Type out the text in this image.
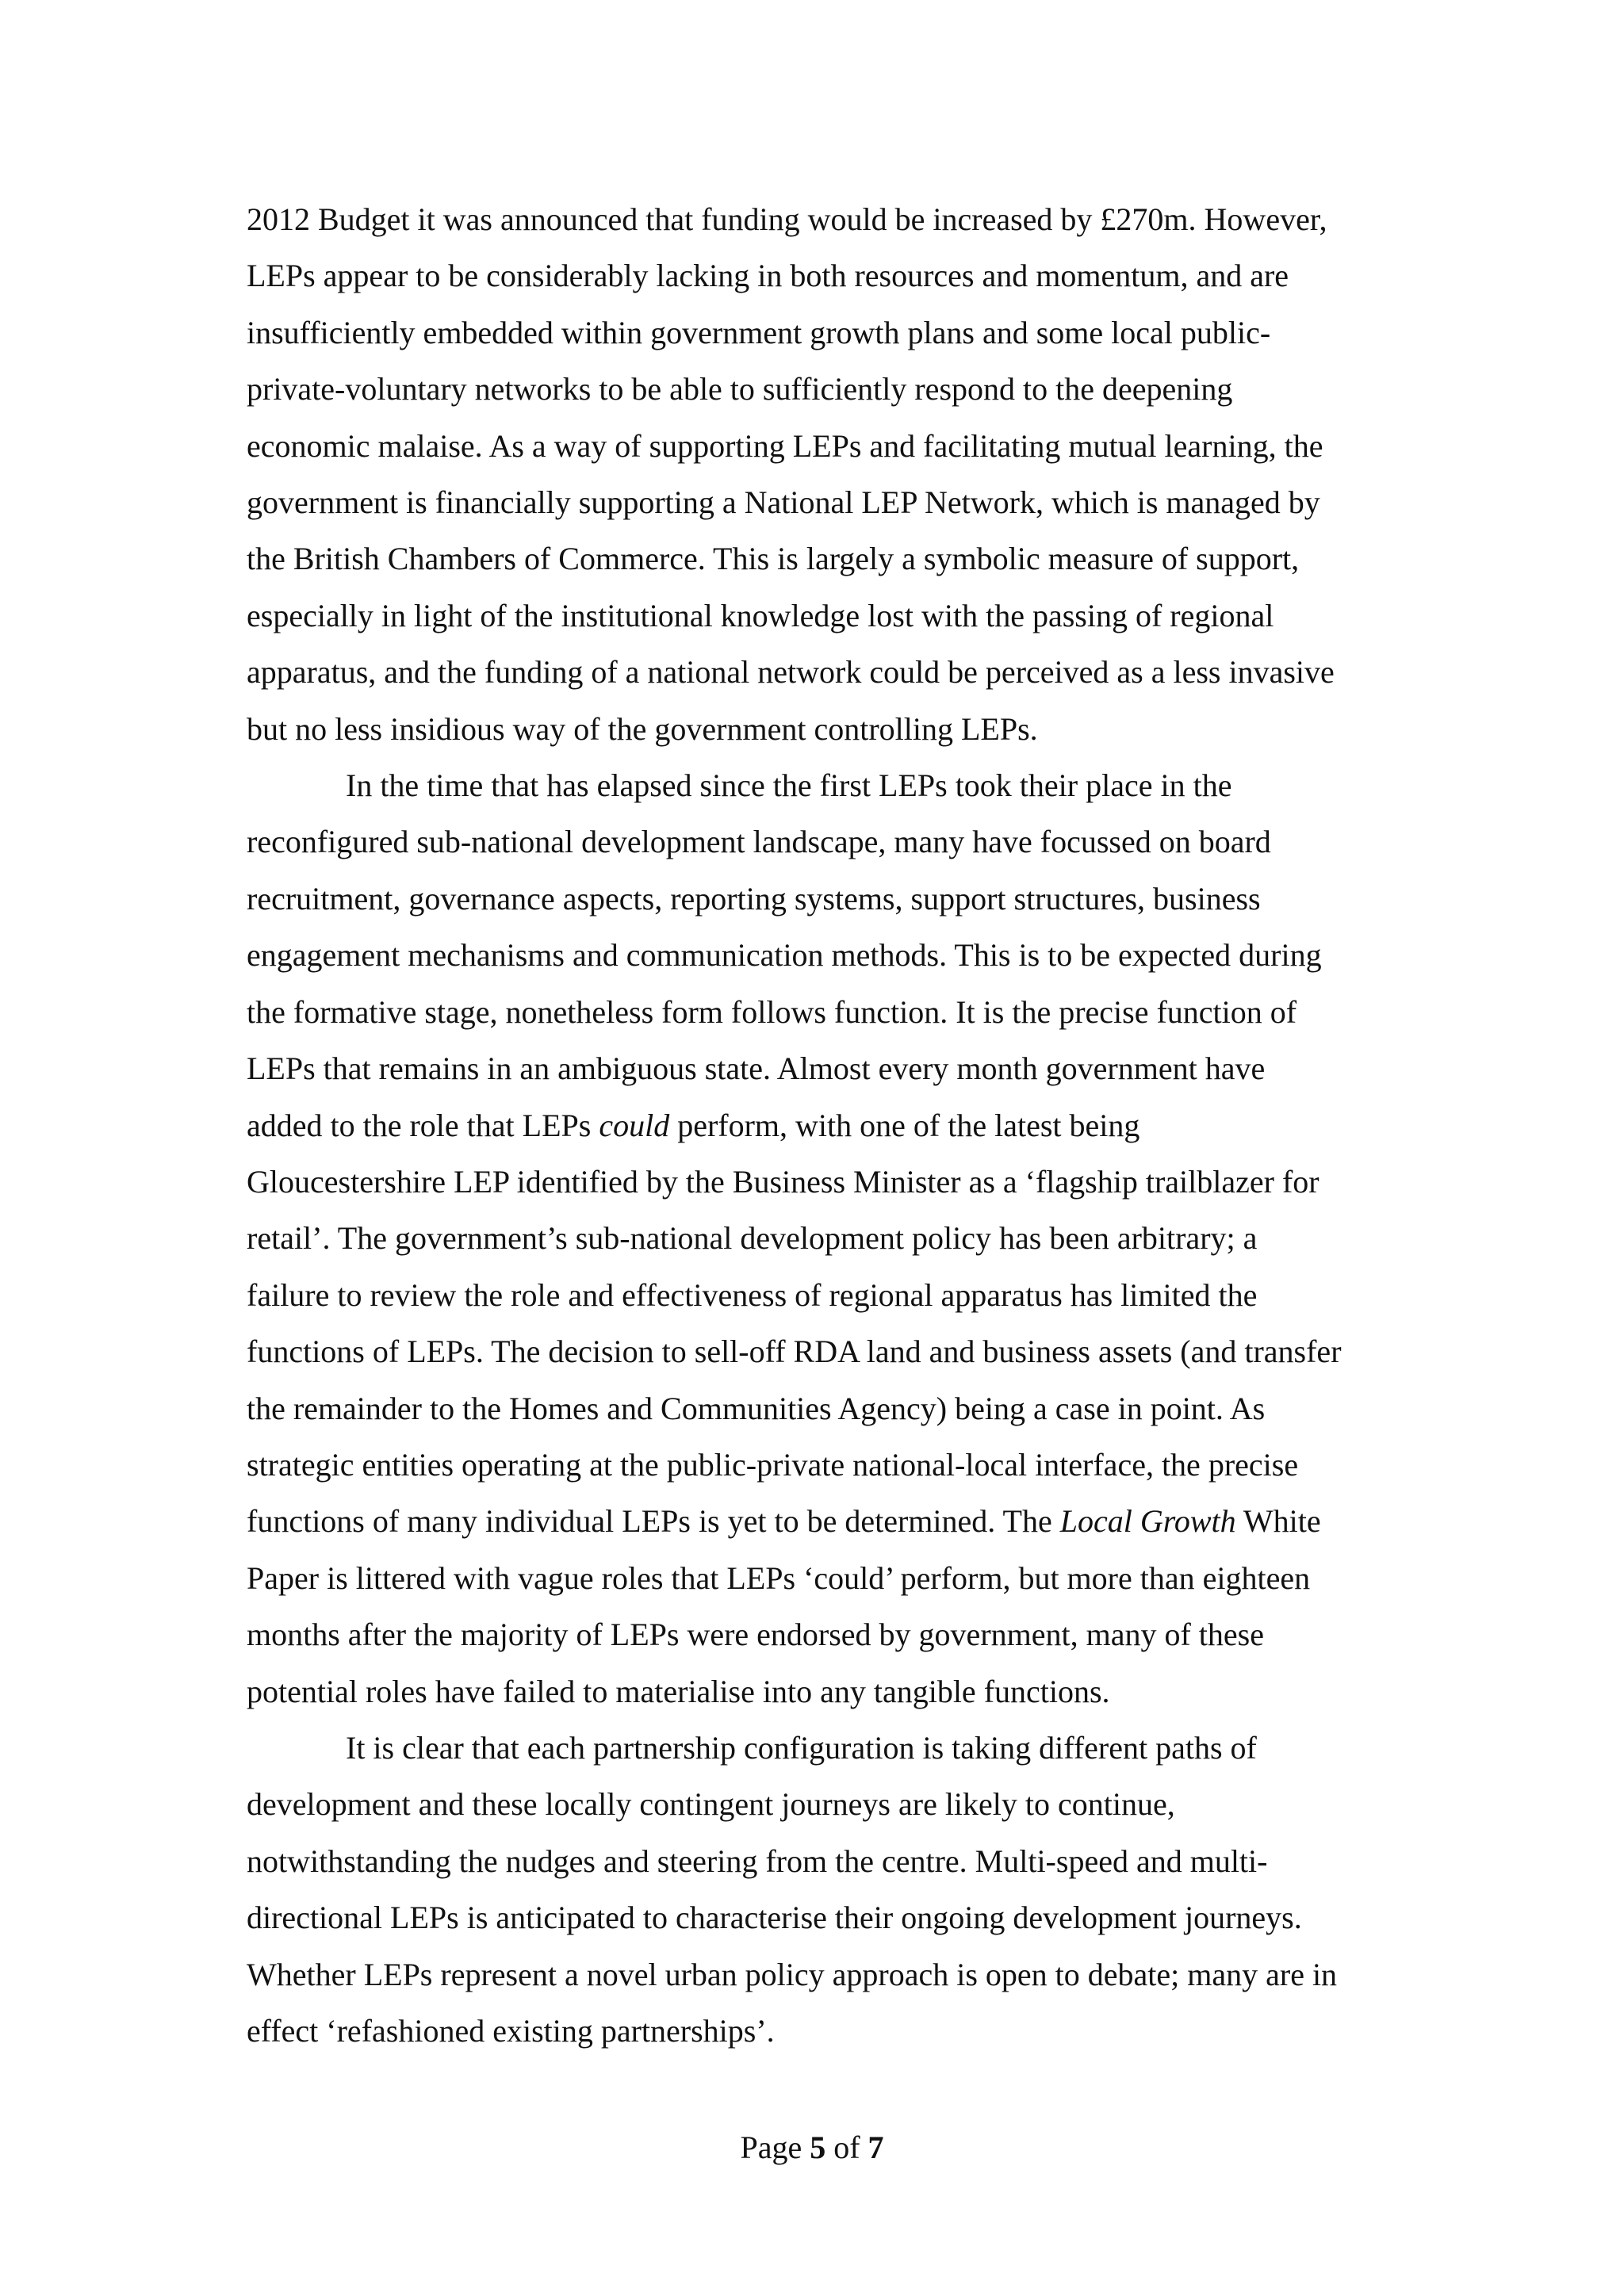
2012 Budget it was announced that funding would be increased by £270m. However,
LEPs appear to be considerably lacking in both resources and momentum, and are
insufficiently embedded within government growth plans and some local public-
private-voluntary networks to be able to sufficiently respond to the deepening
economic malaise. As a way of supporting LEPs and facilitating mutual learning, the
government is financially supporting a National LEP Network, which is managed by
the British Chambers of Commerce. This is largely a symbolic measure of support,
especially in light of the institutional knowledge lost with the passing of regional
apparatus, and the funding of a national network could be perceived as a less invasive
but no less insidious way of the government controlling LEPs.
In the time that has elapsed since the first LEPs took their place in the
reconfigured sub-national development landscape, many have focussed on board
recruitment, governance aspects, reporting systems, support structures, business
engagement mechanisms and communication methods. This is to be expected during
the formative stage, nonetheless form follows function. It is the precise function of
LEPs that remains in an ambiguous state. Almost every month government have
added to the role that LEPs could perform, with one of the latest being
Gloucestershire LEP identified by the Business Minister as a ‘flagship trailblazer for
retail’. The government’s sub-national development policy has been arbitrary; a
failure to review the role and effectiveness of regional apparatus has limited the
functions of LEPs. The decision to sell-off RDA land and business assets (and transfer
the remainder to the Homes and Communities Agency) being a case in point. As
strategic entities operating at the public-private national-local interface, the precise
functions of many individual LEPs is yet to be determined. The Local Growth White
Paper is littered with vague roles that LEPs ‘could’ perform, but more than eighteen
months after the majority of LEPs were endorsed by government, many of these
potential roles have failed to materialise into any tangible functions.
It is clear that each partnership configuration is taking different paths of
development and these locally contingent journeys are likely to continue,
notwithstanding the nudges and steering from the centre. Multi-speed and multi-
directional LEPs is anticipated to characterise their ongoing development journeys.
Whether LEPs represent a novel urban policy approach is open to debate; many are in
effect ‘refashioned existing partnerships’.
Page 5 of 7
